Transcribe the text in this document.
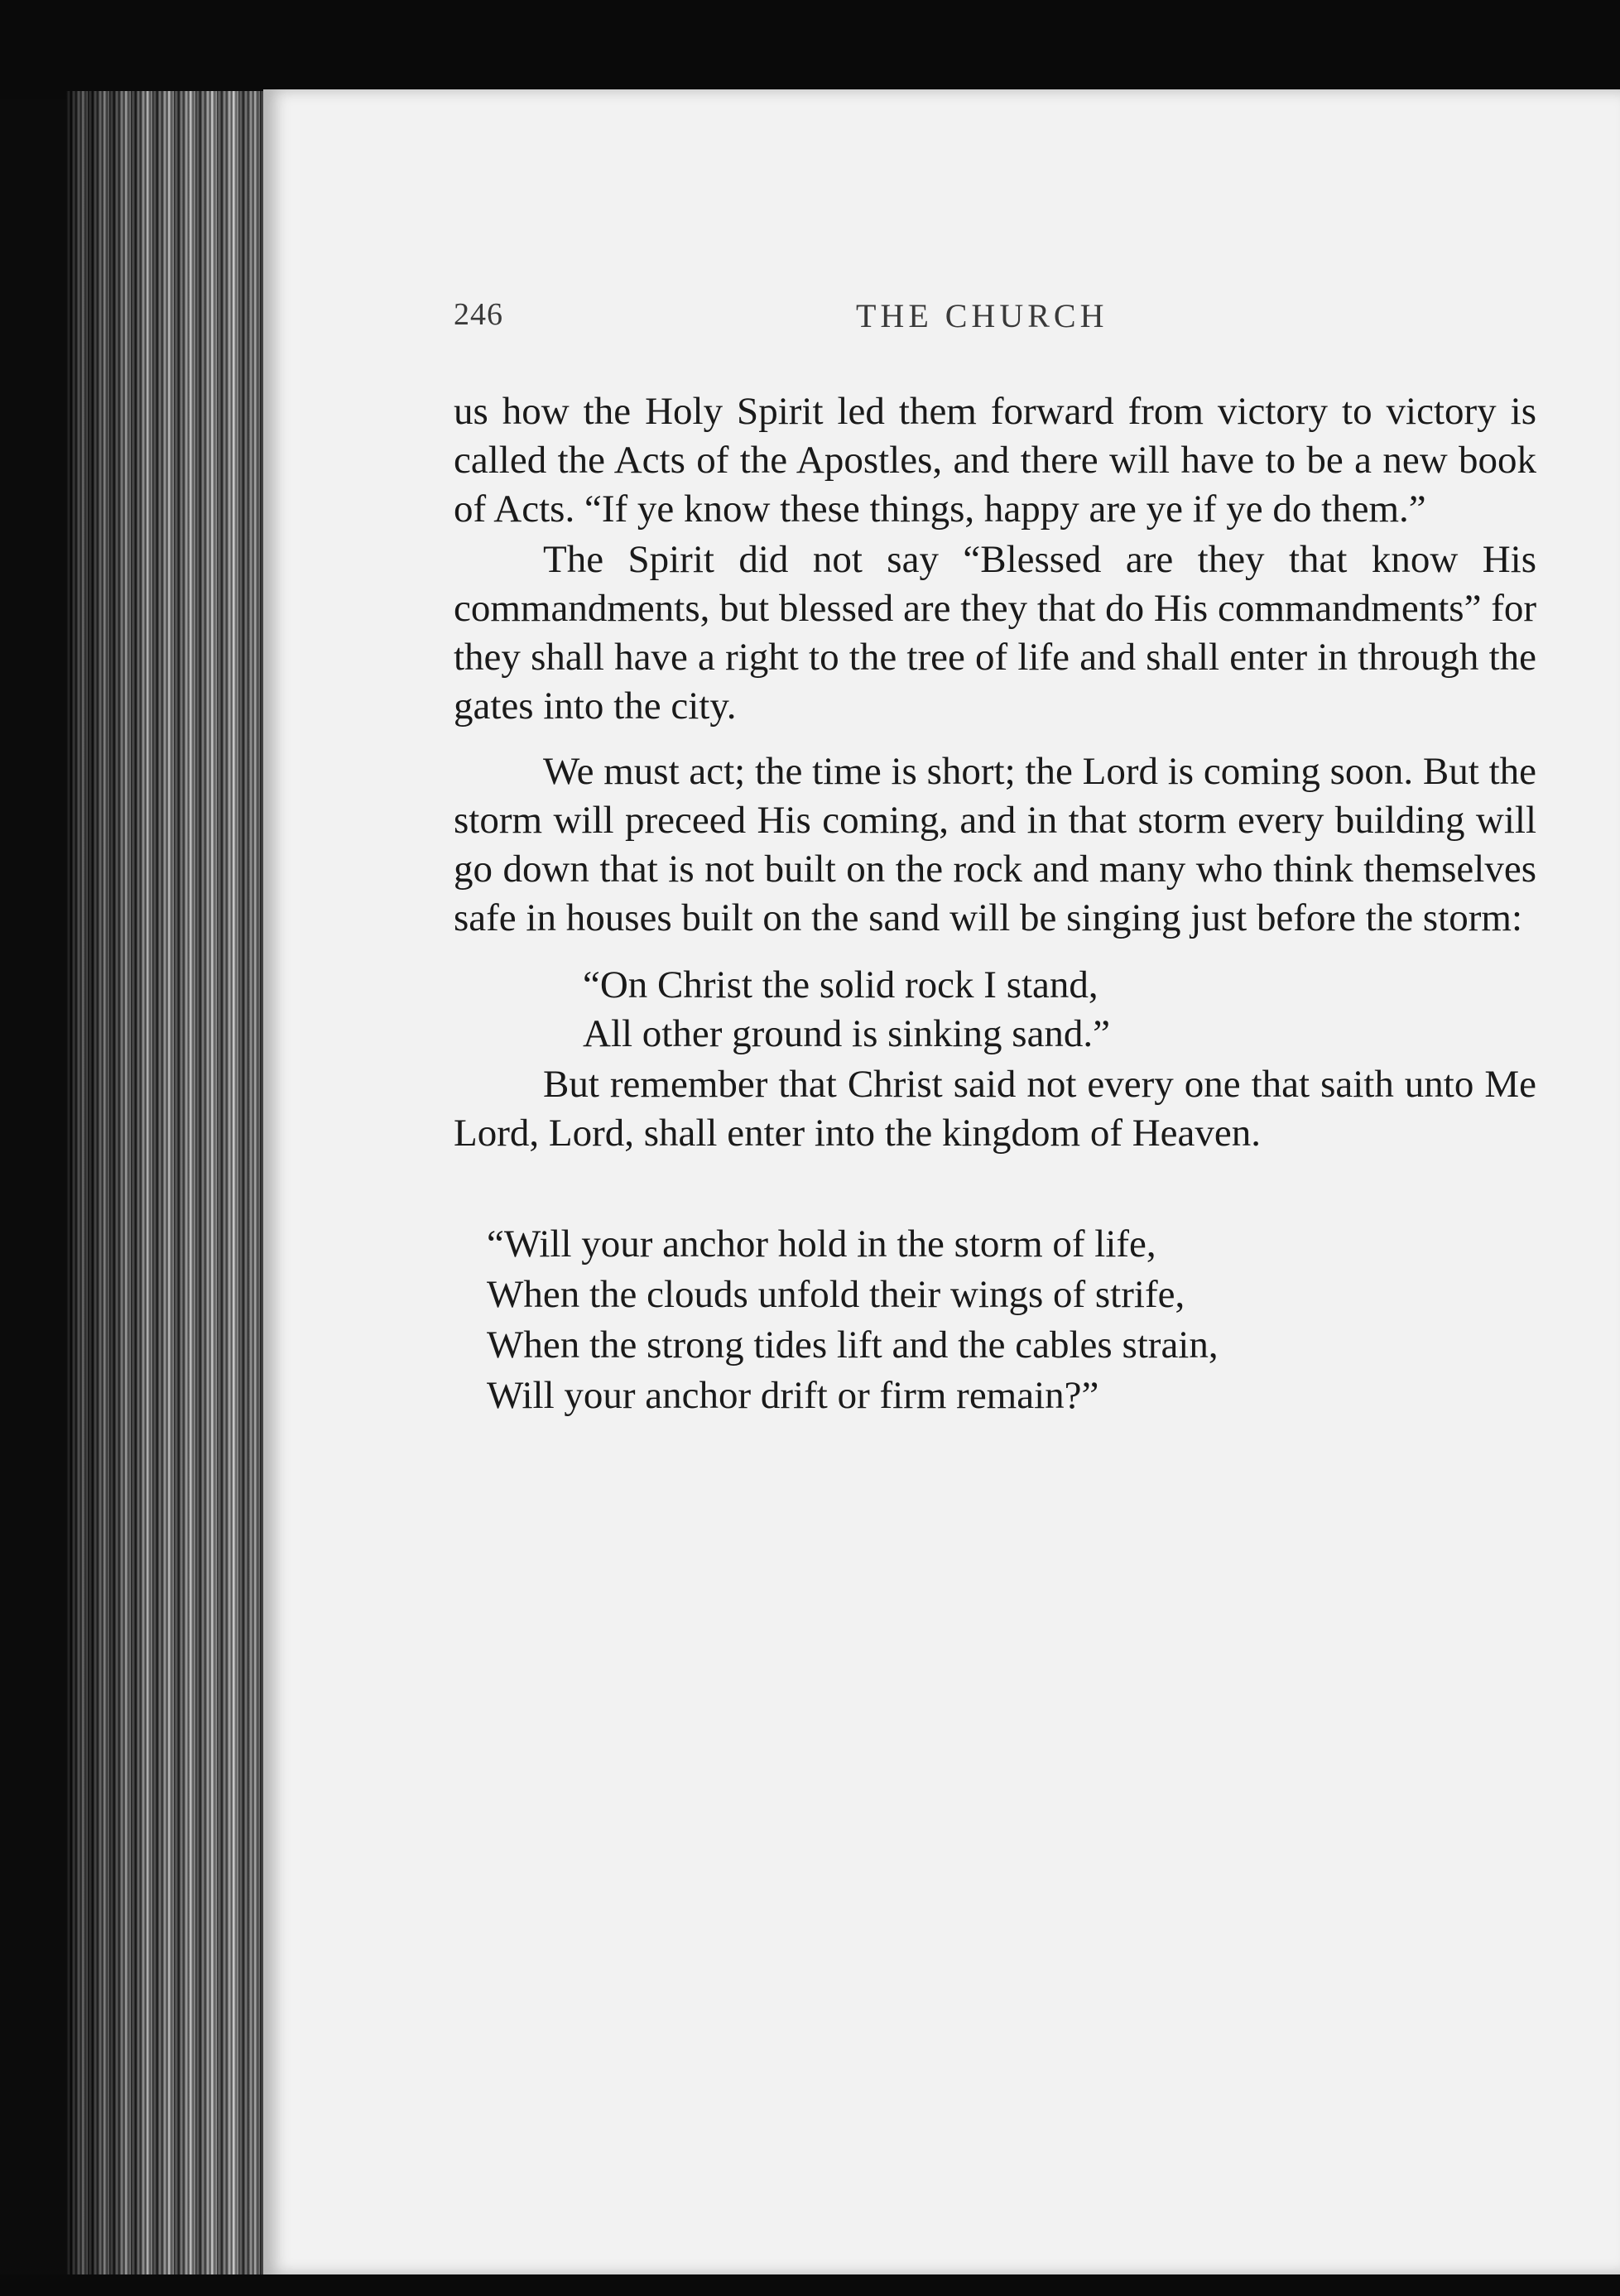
246	THE CHURCH

us how the Holy Spirit led them forward from victory to victory is called the Acts of the Apostles, and there will have to be a new book of Acts. “If ye know these things, happy are ye if ye do them.”

The Spirit did not say “Blessed are they that know His commandments, but blessed are they that do His commandments” for they shall have a right to the tree of life and shall enter in through the gates into the city.

We must act; the time is short; the Lord is coming soon. But the storm will preceed His coming, and in that storm every building will go down that is not built on the rock and many who think themselves safe in houses built on the sand will be singing just before the storm:

“On Christ the solid rock I stand,
All other ground is sinking sand.”

But remember that Christ said not every one that saith unto Me Lord, Lord, shall enter into the kingdom of Heaven.

“Will your anchor hold in the storm of life,
When the clouds unfold their wings of strife,
When the strong tides lift and the cables strain,
Will your anchor drift or firm remain?”
